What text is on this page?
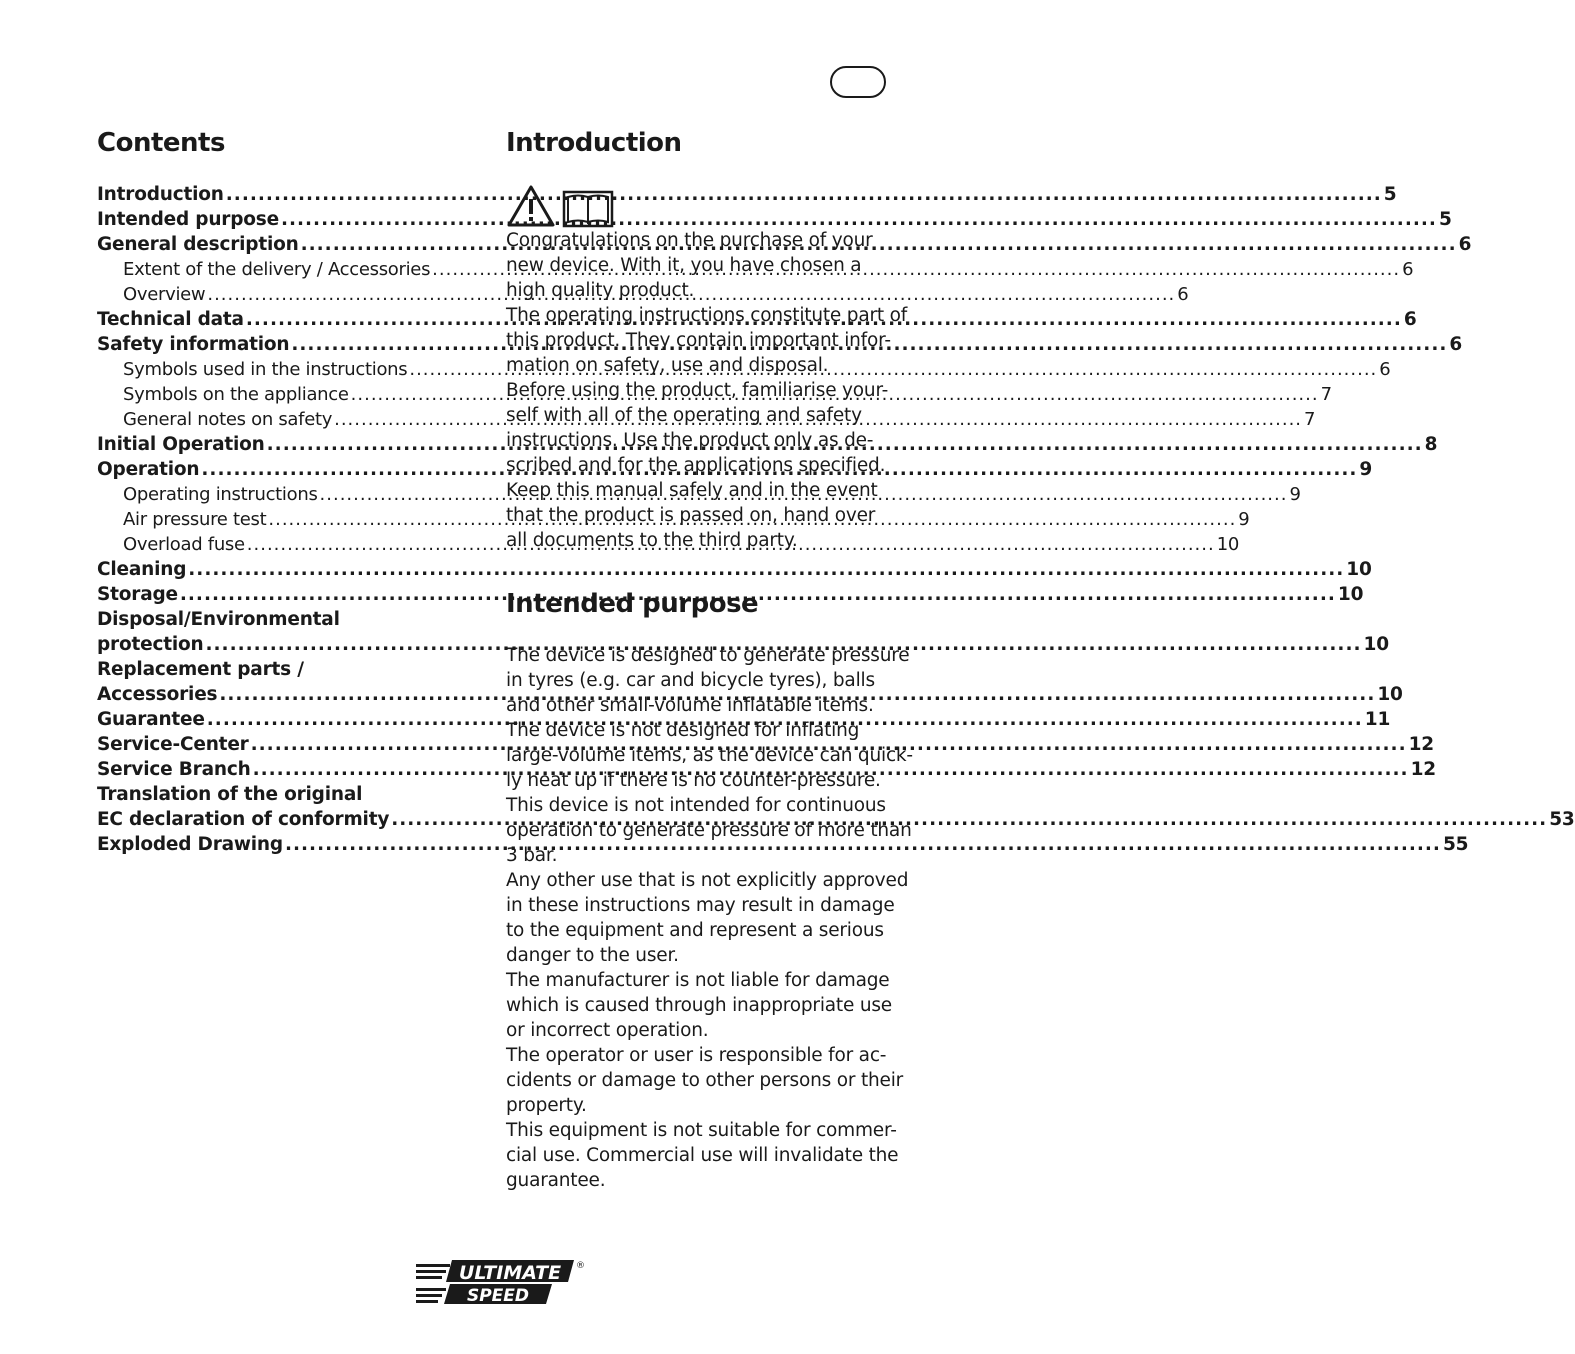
Contents
Introduction .....	5
Intended purpose .....	5
General description .....	6
Extent of the delivery / Accessories .....	6
Overview .....	6
Technical data .....	6
Safety information .....	6
Symbols used in the instructions .....	6
Symbols on the appliance .....	7
General notes on safety .....	7
Initial Operation .....	8
Operation .....	9
Operating instructions .....	9
Air pressure test .....	9
Overload fuse .....	10
Cleaning .....	10
Storage .....	10
Disposal/Environmental
protection .....	10
Replacement parts /
Accessories .....	10
Guarantee .....	11
Service-Center .....	12
Service Branch .....	12
Translation of the original
EC declaration of conformity .....	53
Exploded Drawing .....	55
Introduction
Congratulations on the purchase of your
new device. With it, you have chosen a
high quality product.
The operating instructions constitute part of
this product. They contain important infor-
mation on safety, use and disposal.
Before using the product, familiarise your-
self with all of the operating and safety
instructions. Use the product only as de-
scribed and for the applications specified.
Keep this manual safely and in the event
that the product is passed on, hand over
all documents to the third party.
Intended purpose
The device is designed to generate pressure
in tyres (e.g. car and bicycle tyres), balls
and other small-volume inflatable items.
The device is not designed for inflating
large-volume items, as the device can quick-
ly heat up if there is no counter-pressure.
This device is not intended for continuous
operation to generate pressure of more than
3 bar.
Any other use that is not explicitly approved
in these instructions may result in damage
to the equipment and represent a serious
danger to the user.
The manufacturer is not liable for damage
which is caused through inappropriate use
or incorrect operation.
The operator or user is responsible for ac-
cidents or damage to other persons or their
property.
This equipment is not suitable for commer-
cial use. Commercial use will invalidate the
guarantee.
ULTIMATE
SPEED
®
